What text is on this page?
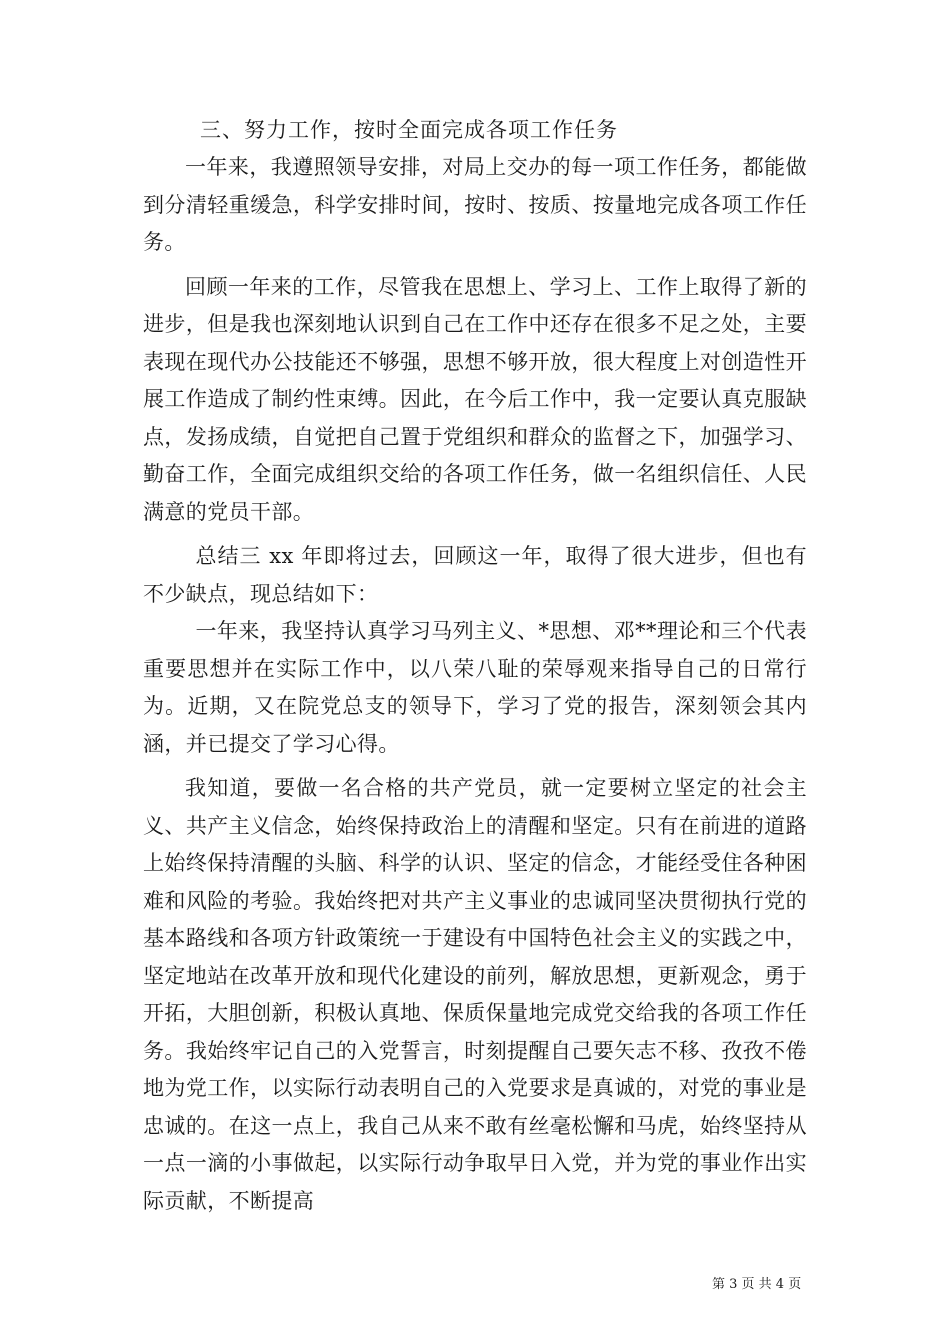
三、努力工作，按时全面完成各项工作任务

一年来，我遵照领导安排，对局上交办的每一项工作任务，都能做到分清轻重缓急，科学安排时间，按时、按质、按量地完成各项工作任务。

回顾一年来的工作，尽管我在思想上、学习上、工作上取得了新的进步，但是我也深刻地认识到自己在工作中还存在很多不足之处，主要表现在现代办公技能还不够强，思想不够开放，很大程度上对创造性开展工作造成了制约性束缚。因此，在今后工作中，我一定要认真克服缺点，发扬成绩，自觉把自己置于党组织和群众的监督之下，加强学习、勤奋工作，全面完成组织交给的各项工作任务，做一名组织信任、人民满意的党员干部。

总结三 xx 年即将过去，回顾这一年，取得了很大进步，但也有不少缺点，现总结如下：

一年来，我坚持认真学习马列主义、*思想、邓**理论和三个代表重要思想并在实际工作中，以八荣八耻的荣辱观来指导自己的日常行为。近期，又在院党总支的领导下，学习了党的报告，深刻领会其内涵，并已提交了学习心得。

我知道，要做一名合格的共产党员，就一定要树立坚定的社会主义、共产主义信念，始终保持政治上的清醒和坚定。只有在前进的道路上始终保持清醒的头脑、科学的认识、坚定的信念，才能经受住各种困难和风险的考验。我始终把对共产主义事业的忠诚同坚决贯彻执行党的基本路线和各项方针政策统一于建设有中国特色社会主义的实践之中，坚定地站在改革开放和现代化建设的前列，解放思想，更新观念，勇于开拓，大胆创新，积极认真地、保质保量地完成党交给我的各项工作任务。我始终牢记自己的入党誓言，时刻提醒自己要矢志不移、孜孜不倦地为党工作，以实际行动表明自己的入党要求是真诚的，对党的事业是忠诚的。在这一点上，我自己从来不敢有丝毫松懈和马虎，始终坚持从一点一滴的小事做起，以实际行动争取早日入党，并为党的事业作出实际贡献，不断提高

第 3 页 共 4 页
